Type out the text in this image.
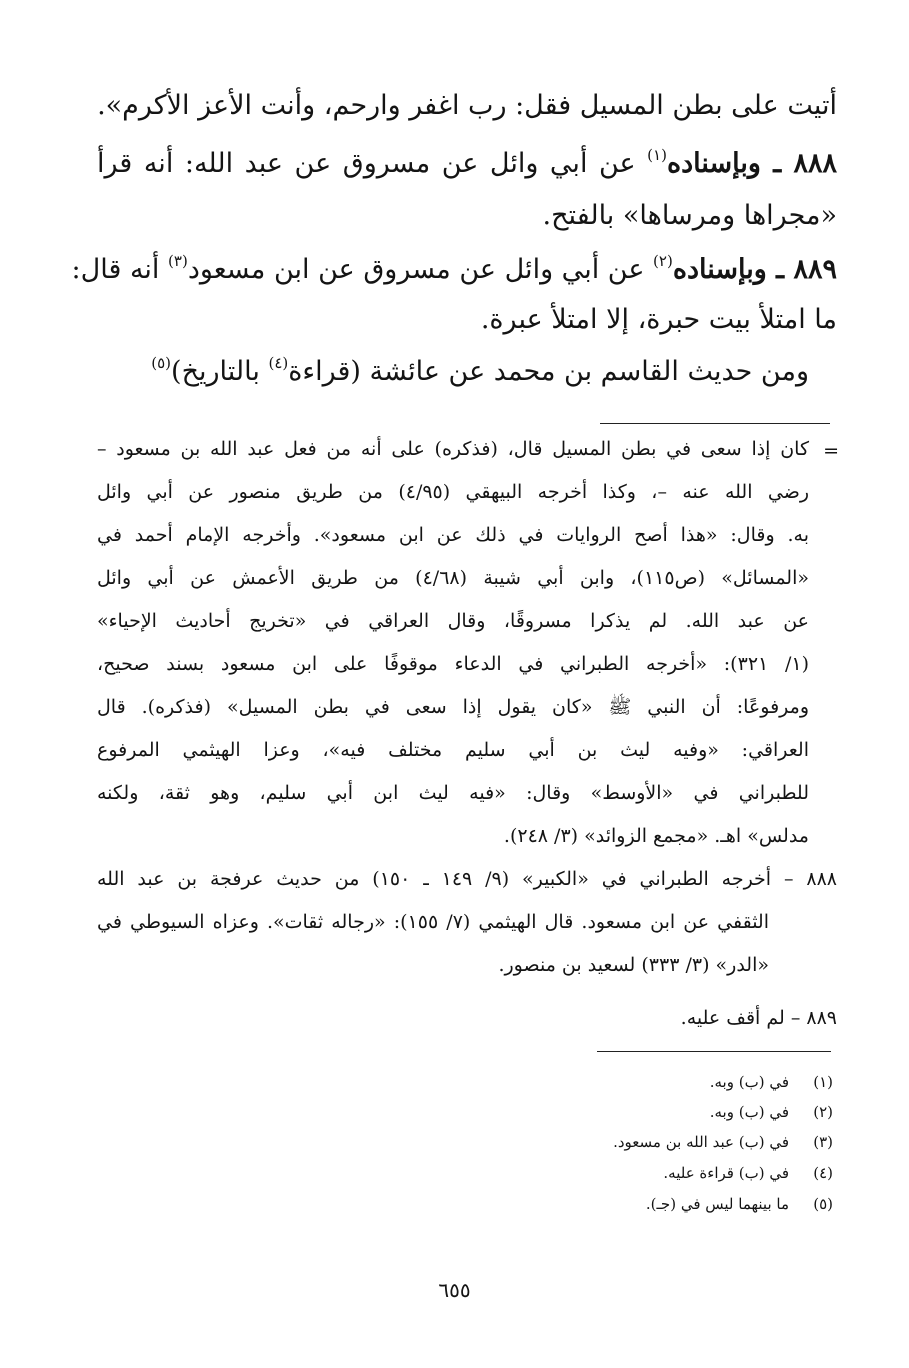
أتيت على بطن المسيل فقل: رب اغفر وارحم، وأنت الأعز الأكرم».
٨٨٨ ـ وبإسناده$^{(١)}$ عن أبي وائل عن مسروق عن عبد الله: أنه قرأ
«مجراها ومرساها» بالفتح.
٨٨٩ ـ وبإسناده$^{(٢)}$ عن أبي وائل عن مسروق عن ابن مسعود$^{(٣)}$ أنه قال:
ما امتلأ بيت حبرة، إلا امتلأ عبرة.
ومن حديث القاسم بن محمد عن عائشة (قراءة$^{(٤)}$ بالتاريخ)$^{(٥)}$
=
كان إذا سعى في بطن المسيل قال، (فذكره) على أنه من فعل عبد الله بن مسعود –
رضي الله عنه –، وكذا أخرجه البيهقي (٤/٩٥) من طريق منصور عن أبي وائل
به. وقال: «هذا أصح الروايات في ذلك عن ابن مسعود». وأخرجه الإمام أحمد في
«المسائل» (ص١١٥)، وابن أبي شيبة (٤/٦٨) من طريق الأعمش عن أبي وائل
عن عبد الله. لم يذكرا مسروقًا، وقال العراقي في «تخريج أحاديث الإحياء»
(١/ ٣٢١): «أخرجه الطبراني في الدعاء موقوفًا على ابن مسعود بسند صحيح،
ومرفوعًا: أن النبي ﷺ «كان يقول إذا سعى في بطن المسيل» (فذكره). قال
العراقي: «وفيه ليث بن أبي سليم مختلف فيه»، وعزا الهيثمي المرفوع
للطبراني في «الأوسط» وقال: «فيه ليث ابن أبي سليم، وهو ثقة، ولكنه
مدلس» اهـ. «مجمع الزوائد» (٣/ ٢٤٨).
٨٨٨ – أخرجه الطبراني في «الكبير» (٩/ ١٤٩ ـ ١٥٠) من حديث عرفجة بن عبد الله
الثقفي عن ابن مسعود. قال الهيثمي (٧/ ١٥٥): «رجاله ثقات». وعزاه السيوطي في
«الدر» (٣/ ٣٣٣) لسعيد بن منصور.
٨٨٩ – لم أقف عليه.
(١)في (ب) وبه.
(٢)في (ب) وبه.
(٣)في (ب) عبد الله بن مسعود.
(٤)في (ب) قراءة عليه.
(٥)ما بينهما ليس في (جـ).
٦٥٥
